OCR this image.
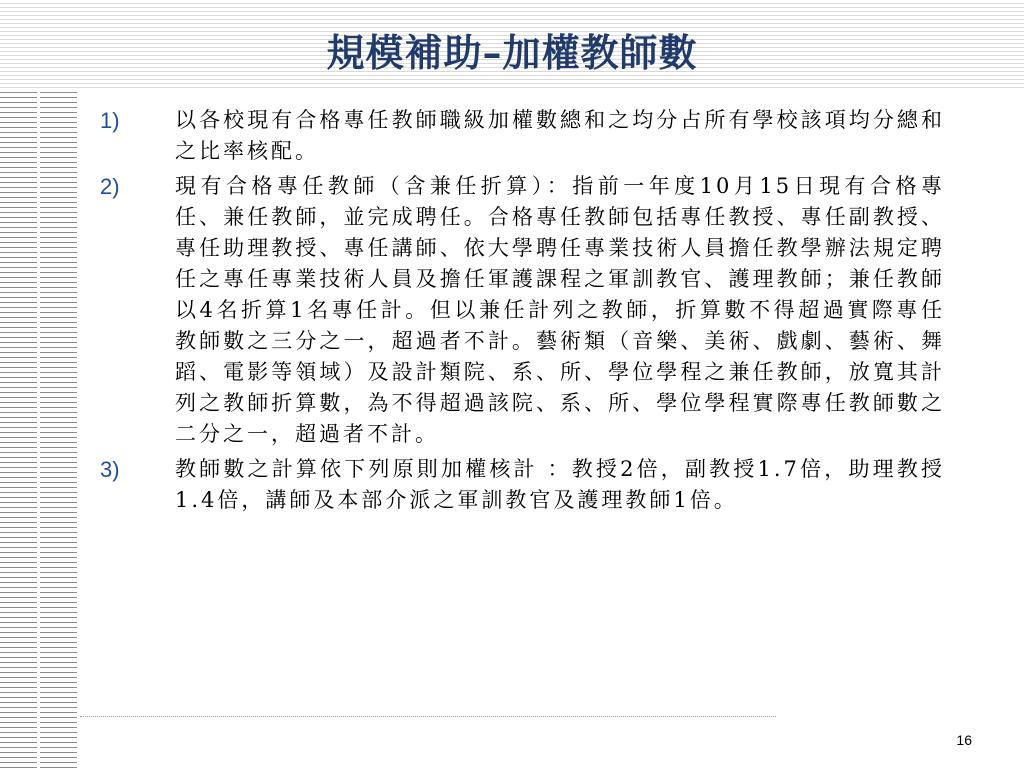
規模補助–加權教師數
1)	以各校現有合格專任教師職級加權數總和之均分占所有學校該項均分總和之比率核配。
2)	現有合格專任教師（含兼任折算）：指前一年度10月15日現有合格專任、兼任教師，並完成聘任。合格專任教師包括專任教授、專任副教授、專任助理教授、專任講師、依大學聘任專業技術人員擔任教學辦法規定聘任之專任專業技術人員及擔任軍護課程之軍訓教官、護理教師；兼任教師以4名折算1名專任計。但以兼任計列之教師，折算數不得超過實際專任教師數之三分之一，超過者不計。藝術類（音樂、美術、戲劇、藝術、舞蹈、電影等領域）及設計類院、系、所、學位學程之兼任教師，放寬其計列之教師折算數，為不得超過該院、系、所、學位學程實際專任教師數之二分之一，超過者不計。
3)	教師數之計算依下列原則加權核計 ：教授2倍，副教授1.7倍，助理教授1.4倍，講師及本部介派之軍訓教官及護理教師1倍。
16
